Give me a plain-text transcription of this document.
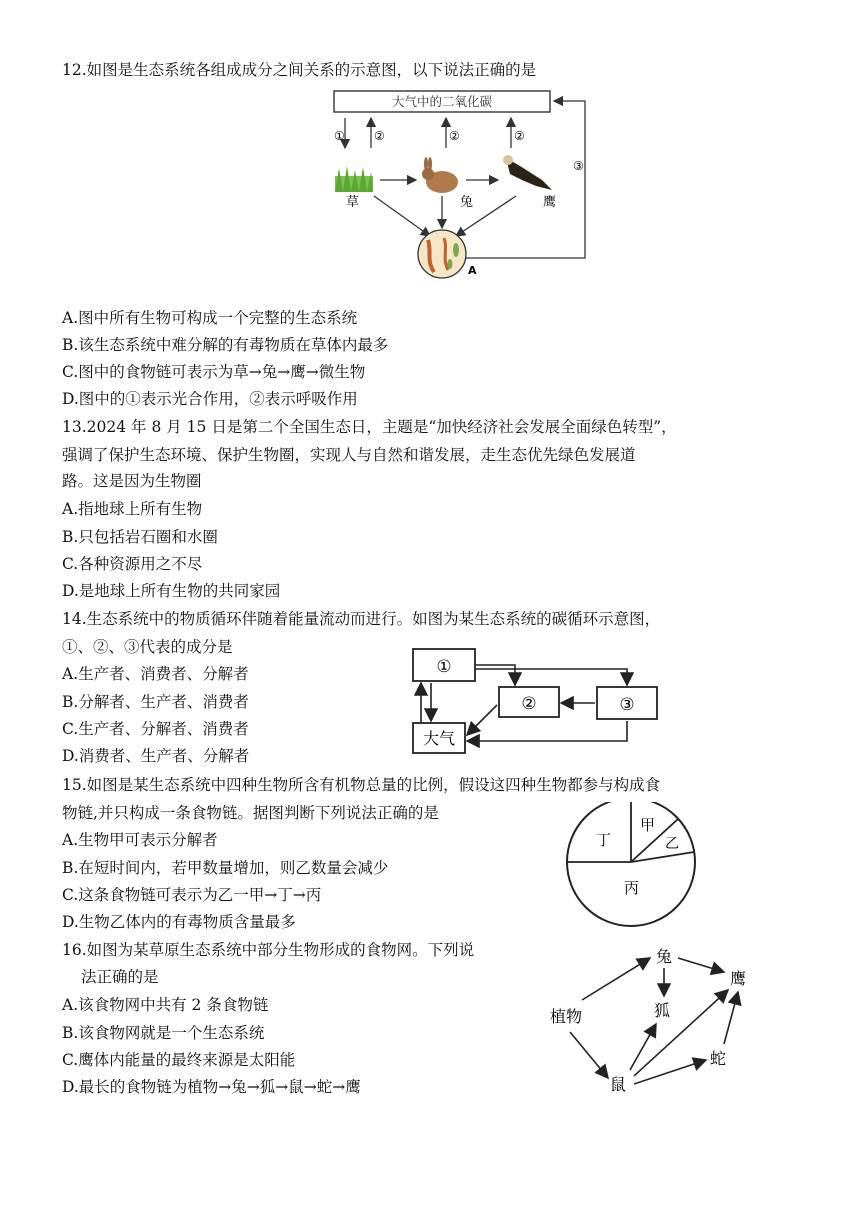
12.如图是生态系统各组成成分之间关系的示意图，以下说法正确的是
大气中的二氧化碳
① ②	②	②
③
草	兔	鹰
A
A.图中所有生物可构成一个完整的生态系统
B.该生态系统中难分解的有毒物质在草体内最多
C.图中的食物链可表示为草→兔→鹰→微生物
D.图中的①表示光合作用，②表示呼吸作用
13.2024 年 8 月 15 日是第二个全国生态日，主题是“加快经济社会发展全面绿色转型”，
强调了保护生态环境、保护生物圈，实现人与自然和谐发展，走生态优先绿色发展道
路。这是因为生物圈
A.指地球上所有生物
B.只包括岩石圈和水圈
C.各种资源用之不尽
D.是地球上所有生物的共同家园
14.生态系统中的物质循环伴随着能量流动而进行。如图为某生态系统的碳循环示意图，
①、②、③代表的成分是
A.生产者、消费者、分解者
B.分解者、生产者、消费者
C.生产者、分解者、消费者
D.消费者、生产者、分解者
①
②	③
大气
15.如图是某生态系统中四种生物所含有机物总量的比例，假设这四种生物都参与构成食
物链,并只构成一条食物链。据图判断下列说法正确的是
A.生物甲可表示分解者
B.在短时间内，若甲数量增加，则乙数量会减少
C.这条食物链可表示为乙一甲→丁→丙
D.生物乙体内的有毒物质含量最多
甲
乙
丁
丙
16.如图为某草原生态系统中部分生物形成的食物网。下列说
法正确的是
A.该食物网中共有 2 条食物链
B.该食物网就是一个生态系统
C.鹰体内能量的最终来源是太阳能
D.最长的食物链为植物→兔→狐→鼠→蛇→鹰
兔
鹰
植物	狐
蛇
鼠
